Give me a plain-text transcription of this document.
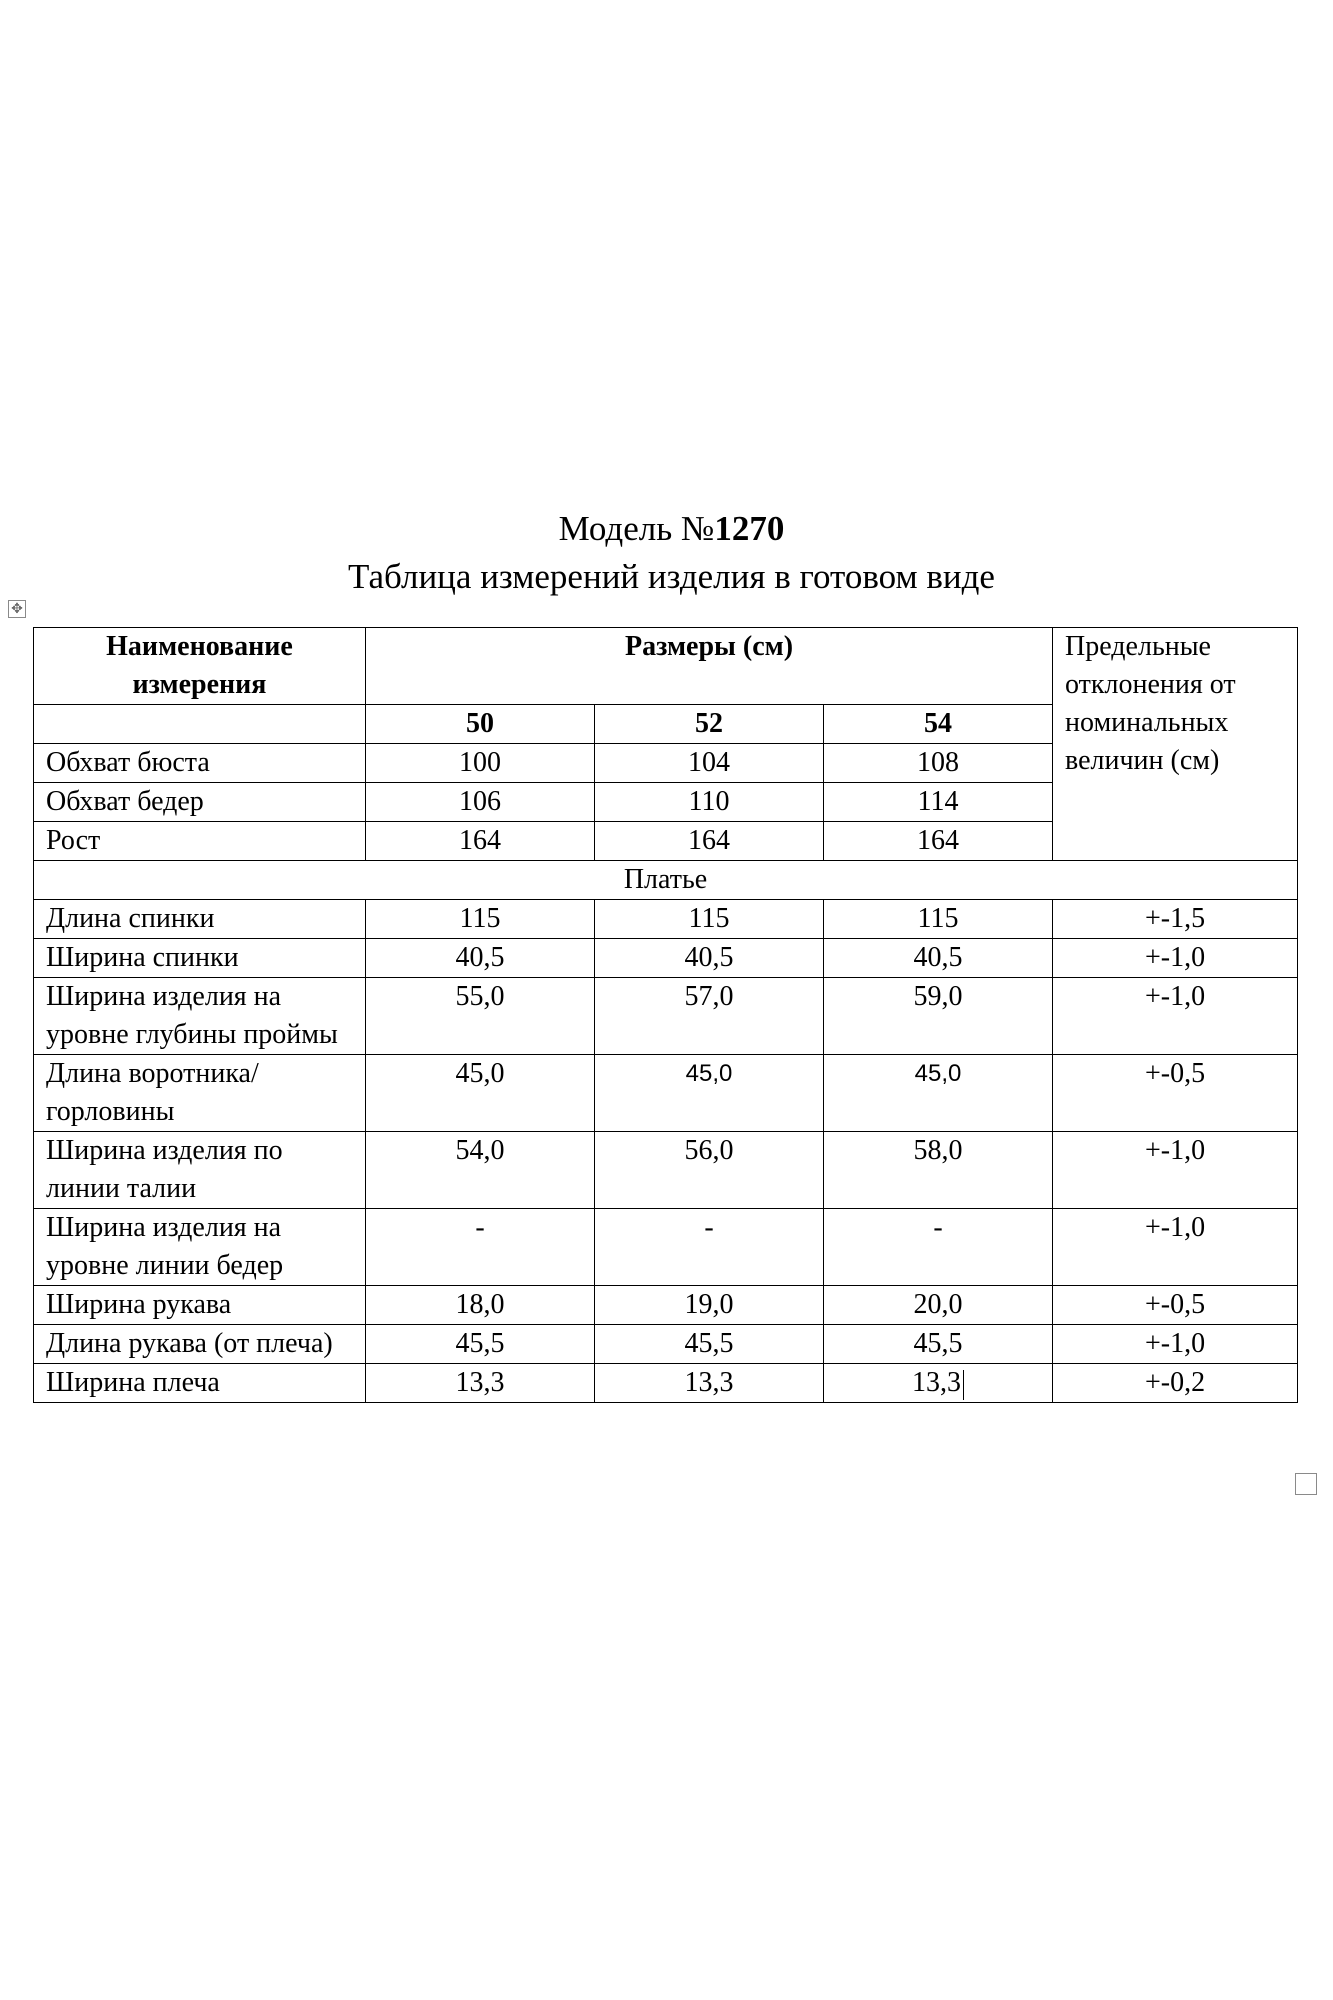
Модель №1270
Таблица измерений изделия в готовом виде
✥
Наименование измерения	Размеры (см)			Предельные отклонения от номинальных величин (см)
	50	52	54	
Обхват бюста	100	104	108	
Обхват бедер	106	110	114	
Рост	164	164	164	
Платье				
Длина спинки	115	115	115	+-1,5
Ширина спинки	40,5	40,5	40,5	+-1,0
Ширина изделия на уровне глубины проймы	55,0	57,0	59,0	+-1,0
Длина воротника/горловины	45,0	45,0	45,0	+-0,5
Ширина изделия по линии талии	54,0	56,0	58,0	+-1,0
Ширина изделия на уровне линии бедер	-	-	-	+-1,0
Ширина рукава	18,0	19,0	20,0	+-0,5
Длина рукава (от плеча)	45,5	45,5	45,5	+-1,0
Ширина плеча	13,3	13,3	13,3	+-0,2
